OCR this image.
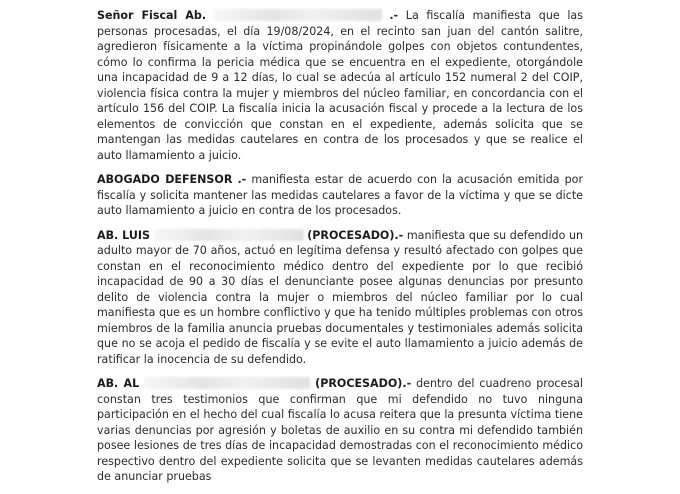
Señor Fiscal Ab.	.- La fiscalía manifiesta que las personas procesadas, el día 19/08/2024, en el recinto san juan del cantón salitre, agredieron físicamente a la víctima propinándole golpes con objetos contundentes, cómo lo confirma la pericia médica que se encuentra en el expediente, otorgándole una incapacidad de 9 a 12 días, lo cual se adecúa al artículo 152 numeral 2 del COIP, violencia física contra la mujer y miembros del núcleo familiar, en concordancia con el artículo 156 del COIP. La fiscalía inicia la acusación fiscal y procede a la lectura de los elementos de convicción que constan en el expediente, además solicita que se mantengan las medidas cautelares en contra de los procesados y que se realice el auto llamamiento a juicio.

ABOGADO DEFENSOR .- manifiesta estar de acuerdo con la acusación emitida por fiscalía y solicita mantener las medidas cautelares a favor de la víctima y que se dicte auto llamamiento a juicio en contra de los procesados.

AB. LUIS	(PROCESADO).- manifiesta que su defendido un adulto mayor de 70 años, actuó en legítima defensa y resultó afectado con golpes que constan en el reconocimiento médico dentro del expediente por lo que recibió incapacidad de 90 a 30 días el denunciante posee algunas denuncias por presunto delito de violencia contra la mujer o miembros del núcleo familiar por lo cual manifiesta que es un hombre conflictivo y que ha tenido múltiples problemas con otros miembros de la familia anuncia pruebas documentales y testimoniales además solicita que no se acoja el pedido de fiscalía y se evite el auto llamamiento a juicio además de ratificar la inocencia de su defendido.

AB. AL	(PROCESADO).- dentro del cuadreno procesal constan tres testimonios que confirman que mi defendido no tuvo ninguna participación en el hecho del cual fiscalía lo acusa reitera que la presunta víctima tiene varias denuncias por agresión y boletas de auxilio en su contra mi defendido también posee lesiones de tres días de incapacidad demostradas con el reconocimiento médico respectivo dentro del expediente solicita que se levanten medidas cautelares además de anunciar pruebas
